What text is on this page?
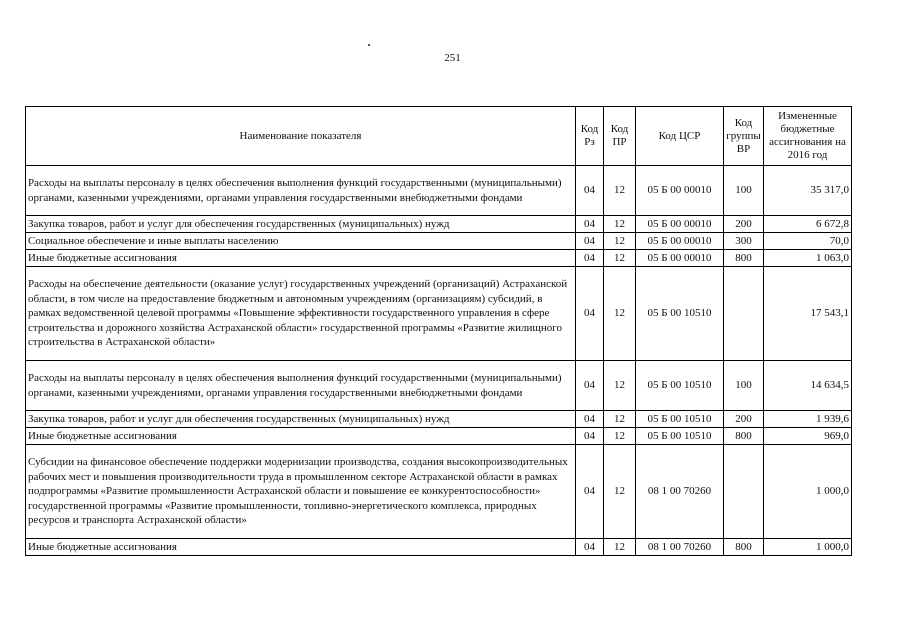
251
Наименование показателя	Код Рз	Код ПР	Код ЦСР	Код группы ВР	Измененные бюджетные ассигнования на 2016 год
Расходы на выплаты персоналу в целях обеспечения выполнения функций государственными (муниципальными) органами, казенными учреждениями, органами управления государственными внебюджетными фондами	04	12	05 Б 00 00010	100	35 317,0
Закупка товаров, работ и услуг для обеспечения государственных (муниципальных) нужд	04	12	05 Б 00 00010	200	6 672,8
Социальное обеспечение и иные выплаты населению	04	12	05 Б 00 00010	300	70,0
Иные бюджетные ассигнования	04	12	05 Б 00 00010	800	1 063,0
Расходы на обеспечение деятельности (оказание услуг) государственных учреждений (организаций) Астраханской области, в том числе на предоставление бюджетным и автономным учреждениям (организациям) субсидий, в рамках ведомственной целевой программы «Повышение эффективности государственного управления в сфере строительства и дорожного хозяйства Астраханской области» государственной программы «Развитие жилищного строительства в Астраханской области»	04	12	05 Б 00 10510		17 543,1
Расходы на выплаты персоналу в целях обеспечения выполнения функций государственными (муниципальными) органами, казенными учреждениями, органами управления государственными внебюджетными фондами	04	12	05 Б 00 10510	100	14 634,5
Закупка товаров, работ и услуг для обеспечения государственных (муниципальных) нужд	04	12	05 Б 00 10510	200	1 939,6
Иные бюджетные ассигнования	04	12	05 Б 00 10510	800	969,0
Субсидии на финансовое обеспечение поддержки модернизации производства, создания высокопроизводительных рабочих мест и повышения производительности труда в промышленном секторе Астраханской области в рамках подпрограммы «Развитие промышленности Астраханской области и повышение ее конкурентоспособности» государственной программы «Развитие промышленности, топливно-энергетического комплекса, природных ресурсов и транспорта Астраханской области»	04	12	08 1 00 70260		1 000,0
Иные бюджетные ассигнования	04	12	08 1 00 70260	800	1 000,0
